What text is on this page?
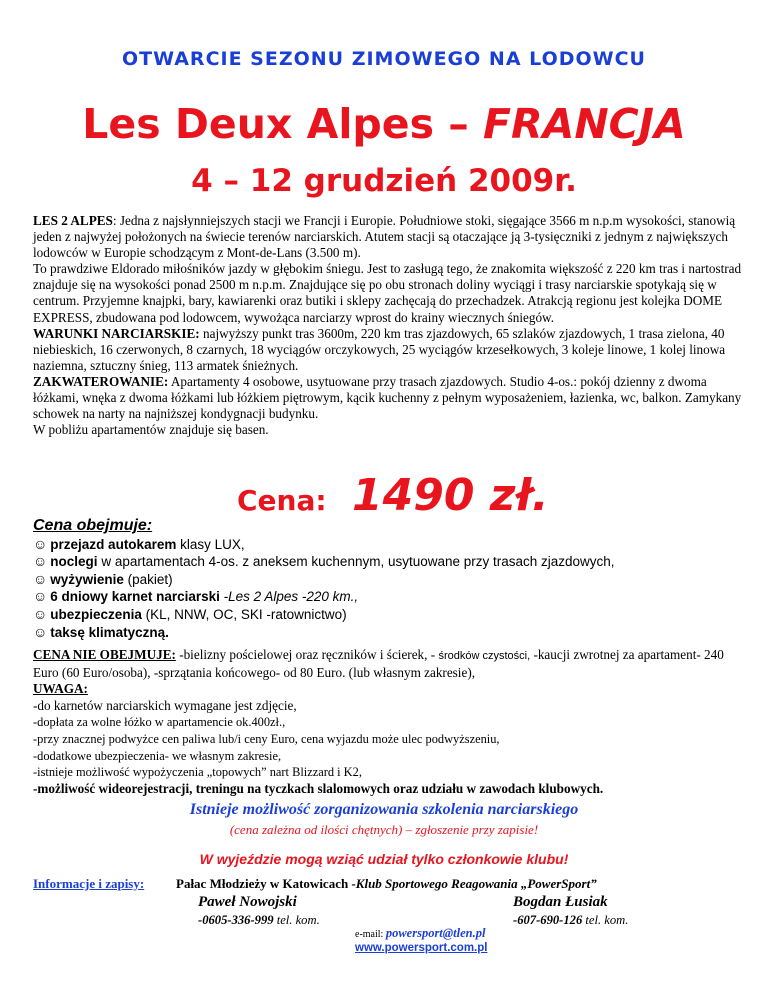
OTWARCIE SEZONU ZIMOWEGO NA LODOWCU
Les Deux Alpes – FRANCJA
4 – 12 grudzień 2009r.

LES 2 ALPES: Jedna z najsłynniejszych stacji we Francji i Europie. Południowe stoki, sięgające 3566 m n.p.m wysokości, stanowią jeden z najwyżej położonych na świecie terenów narciarskich. Atutem stacji są otaczające ją 3-tysięczniki z jednym z największych lodowców w Europie schodzącym z Mont-de-Lans (3.500 m).

To prawdziwe Eldorado miłośników jazdy w głębokim śniegu. Jest to zasługą tego, że znakomita większość z 220 km tras i nartostrad znajduje się na wysokości ponad 2500 m n.p.m. Znajdujące się po obu stronach doliny wyciągi i trasy narciarskie spotykają się w centrum. Przyjemne knajpki, bary, kawiarenki oraz butiki i sklepy zachęcają do przechadzek. Atrakcją regionu jest kolejka DOME EXPRESS, zbudowana pod lodowcem, wywożąca narciarzy wprost do krainy wiecznych śniegów.

WARUNKI NARCIARSKIE: najwyższy punkt tras 3600m, 220 km tras zjazdowych, 65 szlaków zjazdowych, 1 trasa zielona, 40 niebieskich, 16 czerwonych, 8 czarnych, 18 wyciągów orczykowych, 25 wyciągów krzesełkowych, 3 koleje linowe, 1 kolej linowa naziemna, sztuczny śnieg, 113 armatek śnieżnych.

ZAKWATEROWANIE: Apartamenty 4 osobowe, usytuowane przy trasach zjazdowych. Studio 4-os.: pokój dzienny z dwoma łóżkami, wnęka z dwoma łóżkami lub łóżkiem piętrowym, kącik kuchenny z pełnym wyposażeniem, łazienka, wc, balkon. Zamykany schowek na narty na najniższej kondygnacji budynku.

W pobliżu apartamentów znajduje się basen.

Cena: 1490 zł.
Cena obejmuje:
☺ przejazd autokarem klasy LUX,
☺ noclegi w apartamentach 4-os. z aneksem kuchennym, usytuowane przy trasach zjazdowych,
☺ wyżywienie (pakiet)
☺ 6 dniowy karnet narciarski -Les 2 Alpes -220 km.,
☺ ubezpieczenia (KL, NNW, OC, SKI -ratownictwo)
☺ taksę klimatyczną.

CENA NIE OBEJMUJE: -bielizny pościelowej oraz ręczników i ścierek, - środków czystości, -kaucji zwrotnej za apartament- 240 Euro (60 Euro/osoba), -sprzątania końcowego- od 80 Euro. (lub własnym zakresie),

UWAGA:

-do karnetów narciarskich wymagane jest zdjęcie,

-dopłata za wolne łóżko w apartamencie ok.400zł.,

-przy znacznej podwyżce cen paliwa lub/i ceny Euro, cena wyjazdu może ulec podwyższeniu,

-dodatkowe ubezpieczenia- we własnym zakresie,

-istnieje możliwość wypożyczenia „topowych” nart Blizzard i K2,

-możliwość wideorejestracji, treningu na tyczkach slalomowych oraz udziału w zawodach klubowych.

Istnieje możliwość zorganizowania szkolenia narciarskiego
(cena zależna od ilości chętnych) – zgłoszenie przy zapisie!
W wyjeździe mogą wziąć udział tylko członkowie klubu!
Informacje i zapisy: Pałac Młodzieży w Katowicach -Klub Sportowego Reagowania „PowerSport”
Paweł Nowojski
-0605-336-999 tel. kom.
Bogdan Łusiak
-607-690-126 tel. kom.
e-mail: powersport@tlen.pl
www.powersport.com.pl
